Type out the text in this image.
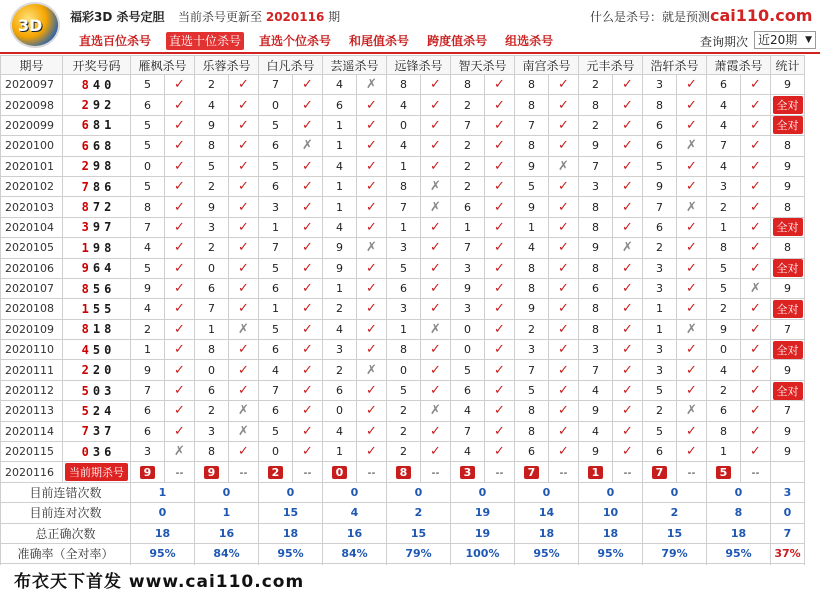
3D 福彩3D 杀号定胆 当前杀号更新至 2020116 期	什么是杀号：就是预测cai110.com
直选百位杀号 直选十位杀号 直选个位杀号 和尾值杀号 跨度值杀号 组选杀号	查询期次 近20期 ▼
期号	开奖号码	雁枫杀号		乐蓉杀号		白凡杀号		芸遥杀号		远锋杀号		智天杀号		南宫杀号		元丰杀号		浩轩杀号		萧霞杀号		统计
2020097	8 4 0	5	✓	2	✓	7	✓	4	✗	8	✓	8	✓	8	✓	2	✓	3	✓	6	✓	9
2020098	2 9 2	6	✓	4	✓	0	✓	6	✓	4	✓	2	✓	8	✓	8	✓	8	✓	4	✓	全对
2020099	6 8 1	5	✓	9	✓	5	✓	1	✓	0	✓	7	✓	7	✓	2	✓	6	✓	4	✓	全对
2020100	6 6 8	5	✓	8	✓	6	✗	1	✓	4	✓	2	✓	8	✓	9	✓	6	✗	7	✓	8
2020101	2 9 8	0	✓	5	✓	5	✓	4	✓	1	✓	2	✓	9	✗	7	✓	5	✓	4	✓	9
2020102	7 8 6	5	✓	2	✓	6	✓	1	✓	8	✗	2	✓	5	✓	3	✓	9	✓	3	✓	9
2020103	8 7 2	8	✓	9	✓	3	✓	1	✓	7	✗	6	✓	9	✓	8	✓	7	✗	2	✓	8
2020104	3 9 7	7	✓	3	✓	1	✓	4	✓	1	✓	1	✓	1	✓	8	✓	6	✓	1	✓	全对
2020105	1 9 8	4	✓	2	✓	7	✓	9	✗	3	✓	7	✓	4	✓	9	✗	2	✓	8	✓	8
2020106	9 6 4	5	✓	0	✓	5	✓	9	✓	5	✓	3	✓	8	✓	8	✓	3	✓	5	✓	全对
2020107	8 5 6	9	✓	6	✓	6	✓	1	✓	6	✓	9	✓	8	✓	6	✓	3	✓	5	✗	9
2020108	1 5 5	4	✓	7	✓	1	✓	2	✓	3	✓	3	✓	9	✓	8	✓	1	✓	2	✓	全对
2020109	8 1 8	2	✓	1	✗	5	✓	4	✓	1	✗	0	✓	2	✓	8	✓	1	✗	9	✓	7
2020110	4 5 0	1	✓	8	✓	6	✓	3	✓	8	✓	0	✓	3	✓	3	✓	3	✓	0	✓	全对
2020111	2 2 0	9	✓	0	✓	4	✓	2	✗	0	✓	5	✓	7	✓	7	✓	3	✓	4	✓	9
2020112	5 0 3	7	✓	6	✓	7	✓	6	✓	5	✓	6	✓	5	✓	4	✓	5	✓	2	✓	全对
2020113	5 2 4	6	✓	2	✗	6	✓	0	✓	2	✗	4	✓	8	✓	9	✓	2	✗	6	✓	7
2020114	7 3 7	6	✓	3	✗	5	✓	4	✓	2	✓	7	✓	8	✓	4	✓	5	✓	8	✓	9
2020115	0 3 6	3	✗	8	✓	0	✓	1	✓	2	✓	4	✓	6	✓	9	✓	6	✓	1	✓	9
2020116	当前期杀号	9	--	9	--	2	--	0	--	8	--	3	--	7	--	1	--	7	--	5	--	
目前连错次数		1		0		0		0		0		0		0		0		0		0		3
目前连对次数		0		1		15		4		2		19		14		10		2		8		0
总正确次数		18		16		18		16		15		19		18		18		15		18		7
准确率（全对率）		95%		84%		95%		84%		79%		100%		95%		95%		79%		95%		37%

布衣天下首发 www.cai110.com
